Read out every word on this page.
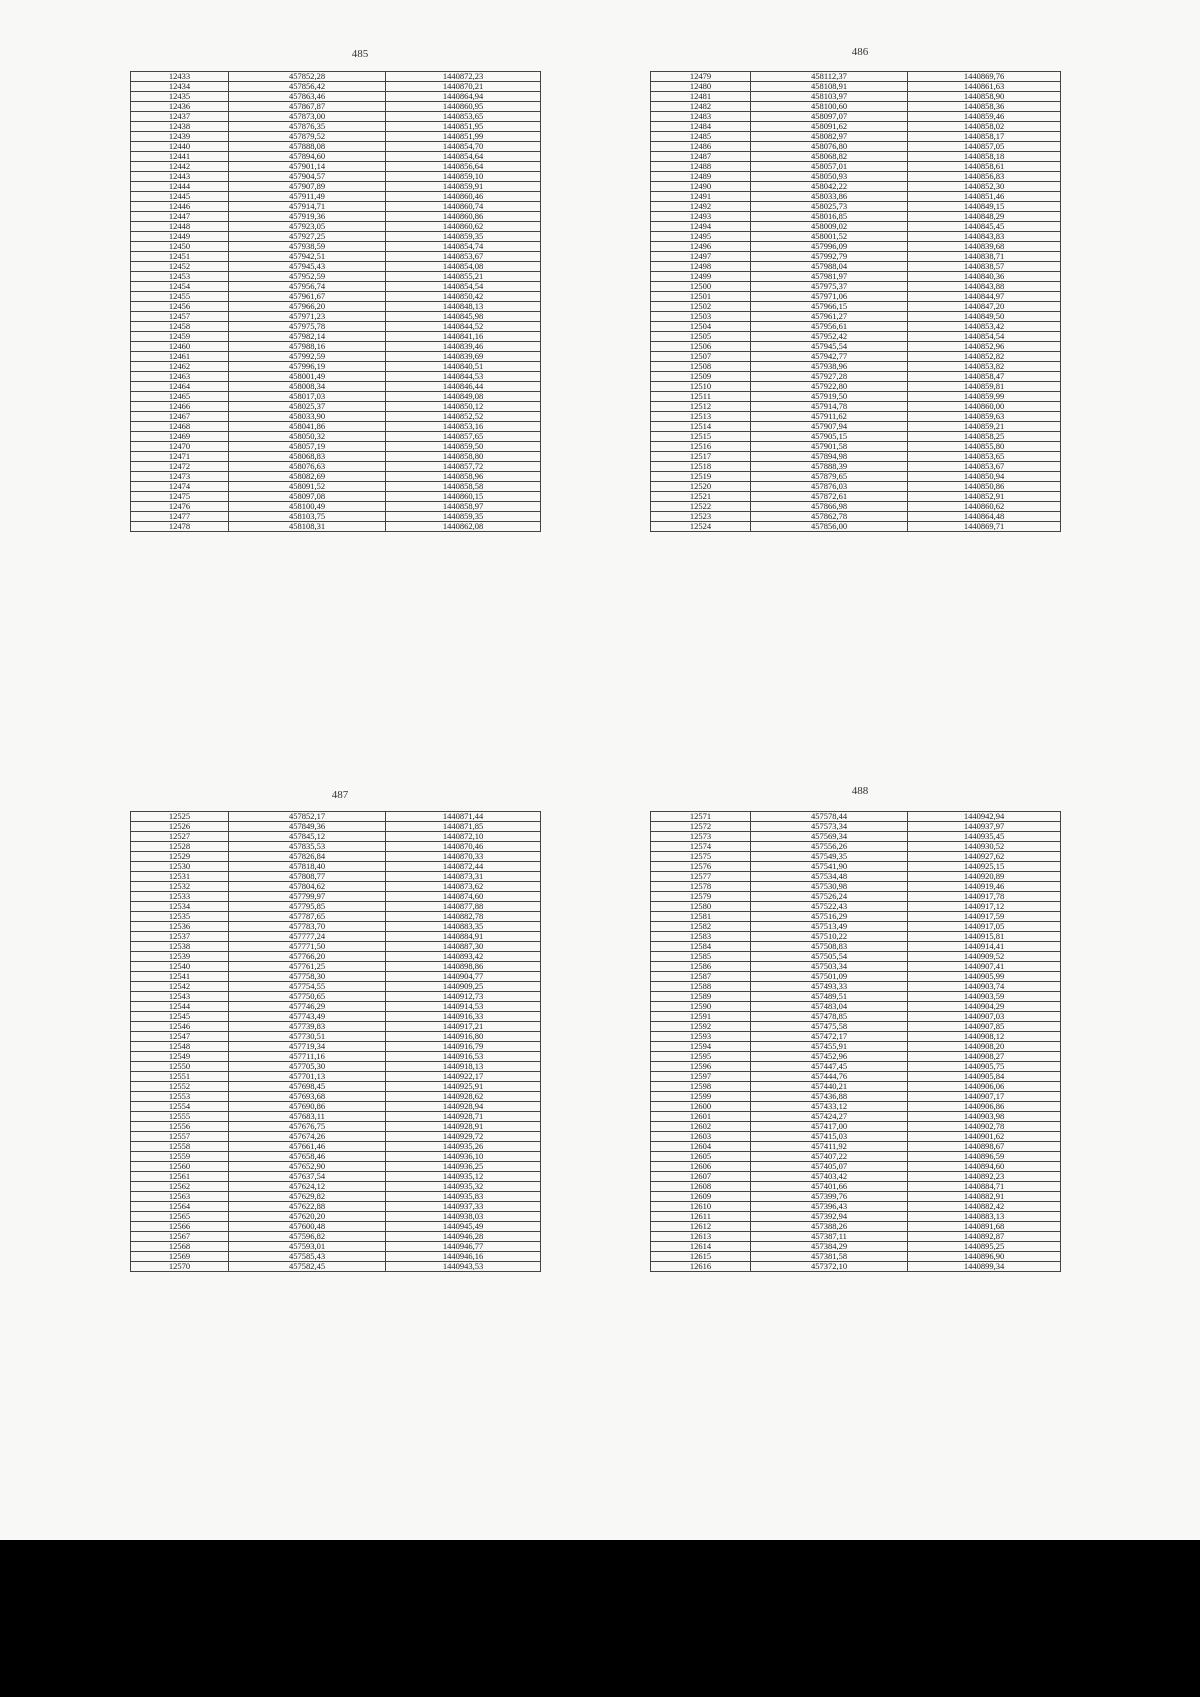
485
12433	457852,28	1440872,23
12434	457856,42	1440870,21
12435	457863,46	1440864,94
12436	457867,87	1440860,95
12437	457873,00	1440853,65
12438	457876,35	1440851,95
12439	457879,52	1440851,99
12440	457888,08	1440854,70
12441	457894,60	1440854,64
12442	457901,14	1440856,64
12443	457904,57	1440859,10
12444	457907,89	1440859,91
12445	457911,49	1440860,46
12446	457914,71	1440860,74
12447	457919,36	1440860,86
12448	457923,05	1440860,62
12449	457927,25	1440859,35
12450	457938,59	1440854,74
12451	457942,51	1440853,67
12452	457945,43	1440854,08
12453	457952,59	1440855,21
12454	457956,74	1440854,54
12455	457961,67	1440850,42
12456	457966,20	1440848,13
12457	457971,23	1440845,98
12458	457975,78	1440844,52
12459	457982,14	1440841,16
12460	457988,16	1440839,46
12461	457992,59	1440839,69
12462	457996,19	1440840,51
12463	458001,49	1440844,53
12464	458008,34	1440846,44
12465	458017,03	1440849,08
12466	458025,37	1440850,12
12467	458033,90	1440852,52
12468	458041,86	1440853,16
12469	458050,32	1440857,65
12470	458057,19	1440859,50
12471	458068,83	1440858,80
12472	458076,63	1440857,72
12473	458082,69	1440858,96
12474	458091,52	1440858,58
12475	458097,08	1440860,15
12476	458100,49	1440858,97
12477	458103,75	1440859,35
12478	458108,31	1440862,08
486
12479	458112,37	1440869,76
12480	458108,91	1440861,63
12481	458103,97	1440858,90
12482	458100,60	1440858,36
12483	458097,07	1440859,46
12484	458091,62	1440858,02
12485	458082,97	1440858,17
12486	458076,80	1440857,05
12487	458068,82	1440858,18
12488	458057,01	1440858,61
12489	458050,93	1440856,83
12490	458042,22	1440852,30
12491	458033,86	1440851,46
12492	458025,73	1440849,15
12493	458016,85	1440848,29
12494	458009,02	1440845,45
12495	458001,52	1440843,83
12496	457996,09	1440839,68
12497	457992,79	1440838,71
12498	457988,04	1440838,57
12499	457981,97	1440840,36
12500	457975,37	1440843,88
12501	457971,06	1440844,97
12502	457966,15	1440847,20
12503	457961,27	1440849,50
12504	457956,61	1440853,42
12505	457952,42	1440854,54
12506	457945,54	1440852,96
12507	457942,77	1440852,82
12508	457938,96	1440853,82
12509	457927,28	1440858,47
12510	457922,80	1440859,81
12511	457919,50	1440859,99
12512	457914,78	1440860,00
12513	457911,62	1440859,63
12514	457907,94	1440859,21
12515	457905,15	1440858,25
12516	457901,58	1440855,80
12517	457894,98	1440853,65
12518	457888,39	1440853,67
12519	457879,65	1440850,94
12520	457876,03	1440850,86
12521	457872,61	1440852,91
12522	457866,98	1440860,62
12523	457862,78	1440864,48
12524	457856,00	1440869,71
487
12525	457852,17	1440871,44
12526	457849,36	1440871,85
12527	457845,12	1440872,10
12528	457835,53	1440870,46
12529	457826,84	1440870,33
12530	457818,40	1440872,44
12531	457808,77	1440873,31
12532	457804,62	1440873,62
12533	457799,97	1440874,60
12534	457795,85	1440877,88
12535	457787,65	1440882,78
12536	457783,70	1440883,35
12537	457777,24	1440884,91
12538	457771,50	1440887,30
12539	457766,20	1440893,42
12540	457761,25	1440898,86
12541	457758,30	1440904,77
12542	457754,55	1440909,25
12543	457750,65	1440912,73
12544	457746,29	1440914,53
12545	457743,49	1440916,33
12546	457739,83	1440917,21
12547	457730,51	1440916,80
12548	457719,34	1440916,79
12549	457711,16	1440916,53
12550	457705,30	1440918,13
12551	457701,13	1440922,17
12552	457698,45	1440925,91
12553	457693,68	1440928,62
12554	457690,86	1440928,94
12555	457683,11	1440928,71
12556	457676,75	1440928,91
12557	457674,26	1440929,72
12558	457661,46	1440935,26
12559	457658,46	1440936,10
12560	457652,90	1440936,25
12561	457637,54	1440935,12
12562	457624,12	1440935,32
12563	457629,82	1440935,83
12564	457622,88	1440937,33
12565	457620,20	1440938,03
12566	457600,48	1440945,49
12567	457596,82	1440946,28
12568	457593,01	1440946,77
12569	457585,43	1440946,16
12570	457582,45	1440943,53
488
12571	457578,44	1440942,94
12572	457573,34	1440937,97
12573	457569,34	1440935,45
12574	457556,26	1440930,52
12575	457549,35	1440927,62
12576	457541,90	1440925,15
12577	457534,48	1440920,89
12578	457530,98	1440919,46
12579	457526,24	1440917,78
12580	457522,43	1440917,12
12581	457516,29	1440917,59
12582	457513,49	1440917,05
12583	457510,22	1440915,81
12584	457508,83	1440914,41
12585	457505,54	1440909,52
12586	457503,34	1440907,41
12587	457501,09	1440905,99
12588	457493,33	1440903,74
12589	457489,51	1440903,59
12590	457483,04	1440904,29
12591	457478,85	1440907,03
12592	457475,58	1440907,85
12593	457472,17	1440908,12
12594	457455,91	1440908,20
12595	457452,96	1440908,27
12596	457447,45	1440905,75
12597	457444,76	1440905,84
12598	457440,21	1440906,06
12599	457436,88	1440907,17
12600	457433,12	1440906,86
12601	457424,27	1440903,98
12602	457417,00	1440902,78
12603	457415,03	1440901,62
12604	457411,92	1440898,67
12605	457407,22	1440896,59
12606	457405,07	1440894,60
12607	457403,42	1440892,23
12608	457401,66	1440884,71
12609	457399,76	1440882,91
12610	457396,43	1440882,42
12611	457392,94	1440883,13
12612	457388,26	1440891,68
12613	457387,11	1440892,87
12614	457384,29	1440895,25
12615	457381,58	1440896,90
12616	457372,10	1440899,34
